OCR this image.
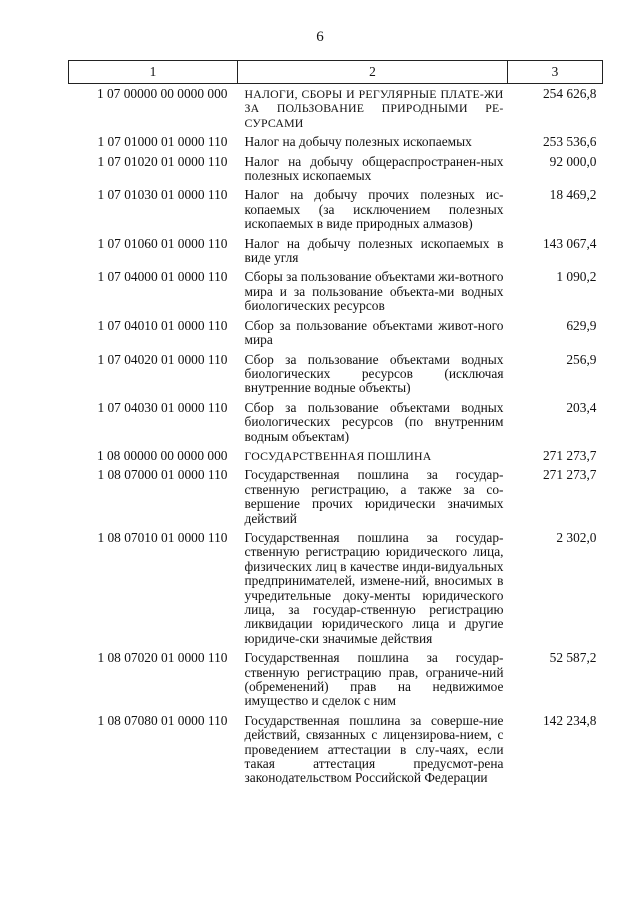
6
1	2	3
1 07 00000 00 0000 000	НАЛОГИ, СБОРЫ И РЕГУЛЯРНЫЕ ПЛАТЕ-ЖИ ЗА ПОЛЬЗОВАНИЕ ПРИРОДНЫМИ РЕ-СУРСАМИ	254 626,8
1 07 01000 01 0000 110	Налог на добычу полезных ископаемых	253 536,6
1 07 01020 01 0000 110	Налог на добычу общераспространен-ных полезных ископаемых	92 000,0
1 07 01030 01 0000 110	Налог на добычу прочих полезных ис-копаемых (за исключением полезных ископаемых в виде природных алмазов)	18 469,2
1 07 01060 01 0000 110	Налог на добычу полезных ископаемых в виде угля	143 067,4
1 07 04000 01 0000 110	Сборы за пользование объектами жи-вотного мира и за пользование объекта-ми водных биологических ресурсов	1 090,2
1 07 04010 01 0000 110	Сбор за пользование объектами живот-ного мира	629,9
1 07 04020 01 0000 110	Сбор за пользование объектами водных биологических ресурсов (исключая внутренние водные объекты)	256,9
1 07 04030 01 0000 110	Сбор за пользование объектами водных биологических ресурсов (по внутренним водным объектам)	203,4
1 08 00000 00 0000 000	ГОСУДАРСТВЕННАЯ ПОШЛИНА	271 273,7
1 08 07000 01 0000 110	Государственная пошлина за государ-ственную регистрацию, а также за со-вершение прочих юридически значимых действий	271 273,7
1 08 07010 01 0000 110	Государственная пошлина за государ-ственную регистрацию юридического лица, физических лиц в качестве инди-видуальных предпринимателей, измене-ний, вносимых в учредительные доку-менты юридического лица, за государ-ственную регистрацию ликвидации юридического лица и другие юридиче-ски значимые действия	2 302,0
1 08 07020 01 0000 110	Государственная пошлина за государ-ственную регистрацию прав, ограниче-ний (обременений) прав на недвижимое имущество и сделок с ним	52 587,2
1 08 07080 01 0000 110	Государственная пошлина за соверше-ние действий, связанных с лицензирова-нием, с проведением аттестации в слу-чаях, если такая аттестация предусмот-рена законодательством Российской Федерации	142 234,8
